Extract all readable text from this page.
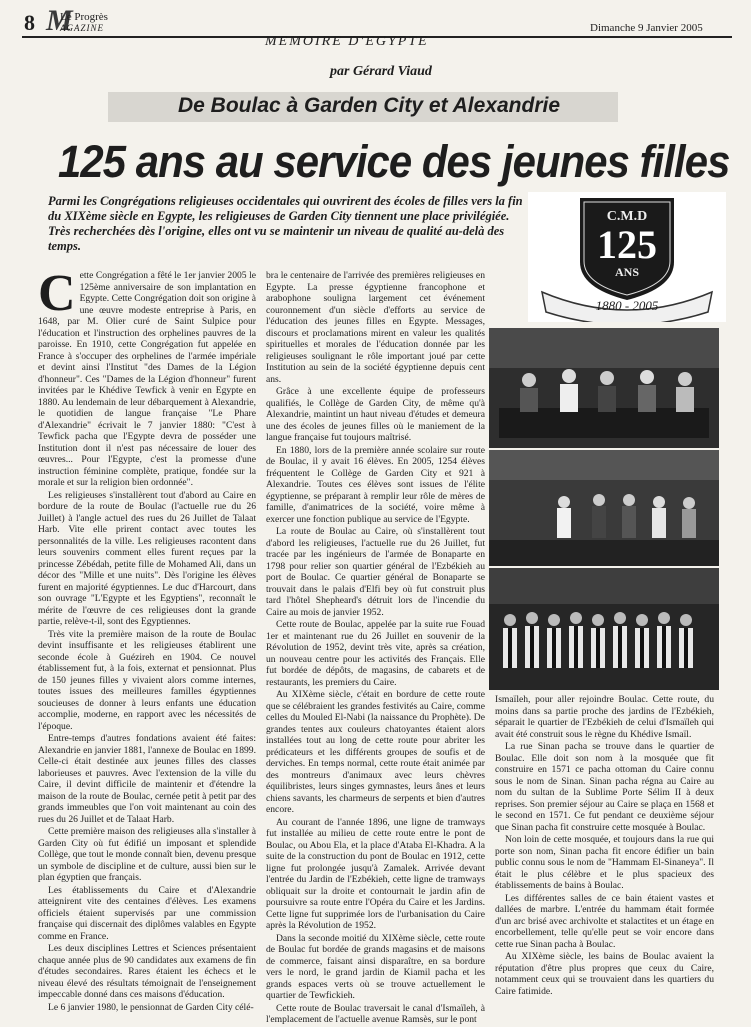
8 M
Le Progrès
AGAZINE
MEMOIRE D'EGYPTE
Dimanche 9 Janvier 2005
par Gérard Viaud
De Boulac à Garden City et Alexandrie
125 ans au service des jeunes filles
Parmi les Congrégations religieuses occidentales qui ouvrirent des écoles de filles vers la fin du XIXème siècle en Egypte, les religieuses de Garden City tiennent une place privilégiée. Très recherchées dès l'origine, elles ont vu se maintenir un niveau de qualité au-delà des temps.
C ette Congrégation a fêté le 1er janvier 2005 le 125ème anniversaire de son implantation en Egypte. Cette Congrégation doit son origine à une œuvre modeste entreprise à Paris, en 1648, par M. Olier curé de Saint Sulpice pour l'éducation et l'instruction des orphelines pauvres de la paroisse. En 1910, cette Congrégation fut appelée en France à s'occuper des orphelines de l'armée impériale et devint ainsi l'Institut "des Dames de la Légion d'honneur". Ces "Dames de la Légion d'honneur" furent invitées par le Khédive Tewfick à venir en Egypte en 1880. Au lendemain de leur débarquement à Alexandrie, le quotidien de langue française "Le Phare d'Alexandrie" écrivait le 7 janvier 1880: "C'est à Tewfick pacha que l'Egypte devra de posséder une Institution dont il n'est pas nécessaire de louer des œuvres... Pour l'Egypte, c'est la promesse d'une instruction féminine complète, pratique, fondée sur la morale et sur la religion bien ordonnée".

Les religieuses s'installèrent tout d'abord au Caire en bordure de la route de Boulac (l'actuelle rue du 26 Juillet) à l'angle actuel des rues du 26 Juillet de Talaat Harb. Vite elle prirent contact avec toutes les personnalités de la ville. Les religieuses racontent dans leurs souvenirs comment elles furent reçues par la princesse Zébédah, petite fille de Mohamed Ali, dans un décor des "Mille et une nuits". Dès l'origine les élèves furent en majorité égyptiennes. Le duc d'Harcourt, dans son ouvrage "L'Egypte et les Egyptiens", reconnaît le mérite de l'œuvre de ces religieuses dont la grande partie, relève-t-il, sont des Egyptiennes.

Très vite la première maison de la route de Boulac devint insuffisante et les religieuses établirent une seconde école à Guézireh en 1904. Ce nouvel établissement fut, à la fois, externat et pensionnat. Plus de 150 jeunes filles y vivaient alors comme internes, toutes issues des meilleures familles égyptiennes soucieuses de donner à leurs enfants une éducation accomplie, moderne, en rapport avec les nécessités de l'époque.

Entre-temps d'autres fondations avaient été faites: Alexandrie en janvier 1881, l'annexe de Boulac en 1899. Celle-ci était destinée aux jeunes filles des classes laborieuses et pauvres. Avec l'extension de la ville du Caire, il devint difficile de maintenir et d'étendre la maison de la route de Boulac, cernée petit à petit par des grands immeubles que l'on voit maintenant au coin des rues du 26 Juillet et de Talaat Harb.

Cette première maison des religieuses alla s'installer à Garden City où fut édifié un imposant et splendide Collège, que tout le monde connaît bien, devenu presque un symbole de discipline et de culture, aussi bien sur le plan égyptien que français.

Les établissements du Caire et d'Alexandrie atteignirent vite des centaines d'élèves. Les examens officiels étaient supervisés par une commission française qui discernait des diplômes valables en Egypte comme en France.

Les deux disciplines Lettres et Sciences présentaient chaque année plus de 90 candidates aux examens de fin d'études secondaires. Rares étaient les échecs et le niveau élevé des résultats témoignait de l'enseignement impeccable donné dans ces maisons d'éducation.

Le 6 janvier 1980, le pensionnat de Garden City célé-

bra le centenaire de l'arrivée des premières religieuses en Egypte. La presse égyptienne francophone et arabophone souligna largement cet événement couronnement d'un siècle d'efforts au service de l'éducation des jeunes filles en Egypte. Messages, discours et proclamations mirent en valeur les qualités spirituelles et morales de l'éducation donnée par les religieuses soulignant le rôle important joué par cette Institution au sein de la société égyptienne depuis cent ans.

Grâce à une excellente équipe de professeurs qualifiés, le Collège de Garden City, de même qu'à Alexandrie, maintint un haut niveau d'études et demeura une des écoles de jeunes filles où le maniement de la langue française fut toujours maîtrisé.

En 1880, lors de la première année scolaire sur route de Boulac, il y avait 16 élèves. En 2005, 1254 élèves fréquentent le Collège de Garden City et 921 à Alexandrie. Toutes ces élèves sont issues de l'élite égyptienne, se préparant à remplir leur rôle de mères de famille, d'animatrices de la société, voire même à exercer une fonction publique au service de l'Egypte.

La route de Boulac au Caire, où s'installèrent tout d'abord les religieuses, l'actuelle rue du 26 Juillet, fut tracée par les ingénieurs de l'armée de Bonaparte en 1798 pour relier son quartier général de l'Ezbékieh au port de Boulac. Ce quartier général de Bonaparte se trouvait dans le palais d'Elfi bey où fut construit plus tard l'hôtel Shepheard's détruit lors de l'incendie du Caire au mois de janvier 1952.

Cette route de Boulac, appelée par la suite rue Fouad 1er et maintenant rue du 26 Juillet en souvenir de la Révolution de 1952, devint très vite, après sa création, un nouveau centre pour les activités des Français. Elle fut bordée de dépôts, de magasins, de cabarets et de restaurants, les premiers du Caire.

Au XIXème siècle, c'était en bordure de cette route que se célébraient les grandes festivités au Caire, comme celles du Mouled El-Nabi (la naissance du Prophète). De grandes tentes aux couleurs chatoyantes étaient alors installées tout au long de cette route pour abriter les prédicateurs et les différents groupes de soufis et de derviches. En temps normal, cette route était animée par des montreurs d'animaux avec leurs chèvres équilibristes, leurs singes gymnastes, leurs ânes et leurs chiens savants, les charmeurs de serpents et bien d'autres encore.

Au courant de l'année 1896, une ligne de tramways fut installée au milieu de cette route entre le pont de Boulac, ou Abou Ela, et la place d'Ataba El-Khadra. A la suite de la construction du pont de Boulac en 1912, cette ligne fut prolongée jusqu'à Zamalek. Arrivée devant l'entrée du Jardin de l'Ezbékieh, cette ligne de tramways obliquait sur la droite et contournait le jardin afin de poursuivre sa route entre l'Opéra du Caire et les Jardins. Cette ligne fut supprimée lors de l'urbanisation du Caire après la Révolution de 1952.

Dans la seconde moitié du XIXème siècle, cette route de Boulac fut bordée de grands magasins et de maisons de commerce, faisant ainsi disparaître, en sa bordure vers le nord, le grand jardin de Kiamil pacha et les grands espaces verts où se trouve actuellement le quartier de Tewfickieh.

Cette route de Boulac traversait le canal d'Ismaïleh, à l'emplacement de l'actuelle avenue Ramsès, sur le pont

Ismaïleh, pour aller rejoindre Boulac. Cette route, du moins dans sa partie proche des jardins de l'Ezbékieh, séparait le quartier de l'Ezbékieh de celui d'Ismaïleh qui avait été construit sous le règne du Khédive Ismaïl.

La rue Sinan pacha se trouve dans le quartier de Boulac. Elle doit son nom à la mosquée que fit construire en 1571 ce pacha ottoman du Caire connu sous le nom de Sinan. Sinan pacha régna au Caire au nom du sultan de la Sublime Porte Sélim II à deux reprises. Son premier séjour au Caire se plaça en 1568 et le second en 1571. Ce fut pendant ce deuxième séjour que Sinan pacha fit construire cette mosquée à Boulac.

Non loin de cette mosquée, et toujours dans la rue qui porte son nom, Sinan pacha fit encore édifier un bain public connu sous le nom de "Hammam El-Sinaneya". Il était le plus célèbre et le plus spacieux des établissements de bains à Boulac.

Les différentes salles de ce bain étaient vastes et dallées de marbre. L'entrée du hammam était formée d'un arc brisé avec archivolte et stalactites et un étage en encorbellement, telle qu'elle peut se voir encore dans cette rue Sinan pacha à Boulac.

Au XIXème siècle, les bains de Boulac avaient la réputation d'être plus propres que ceux du Caire, notamment ceux qui se trouvaient dans les quartiers du Caire fatimide.

C.M.D
125
ANS
1880 - 2005
